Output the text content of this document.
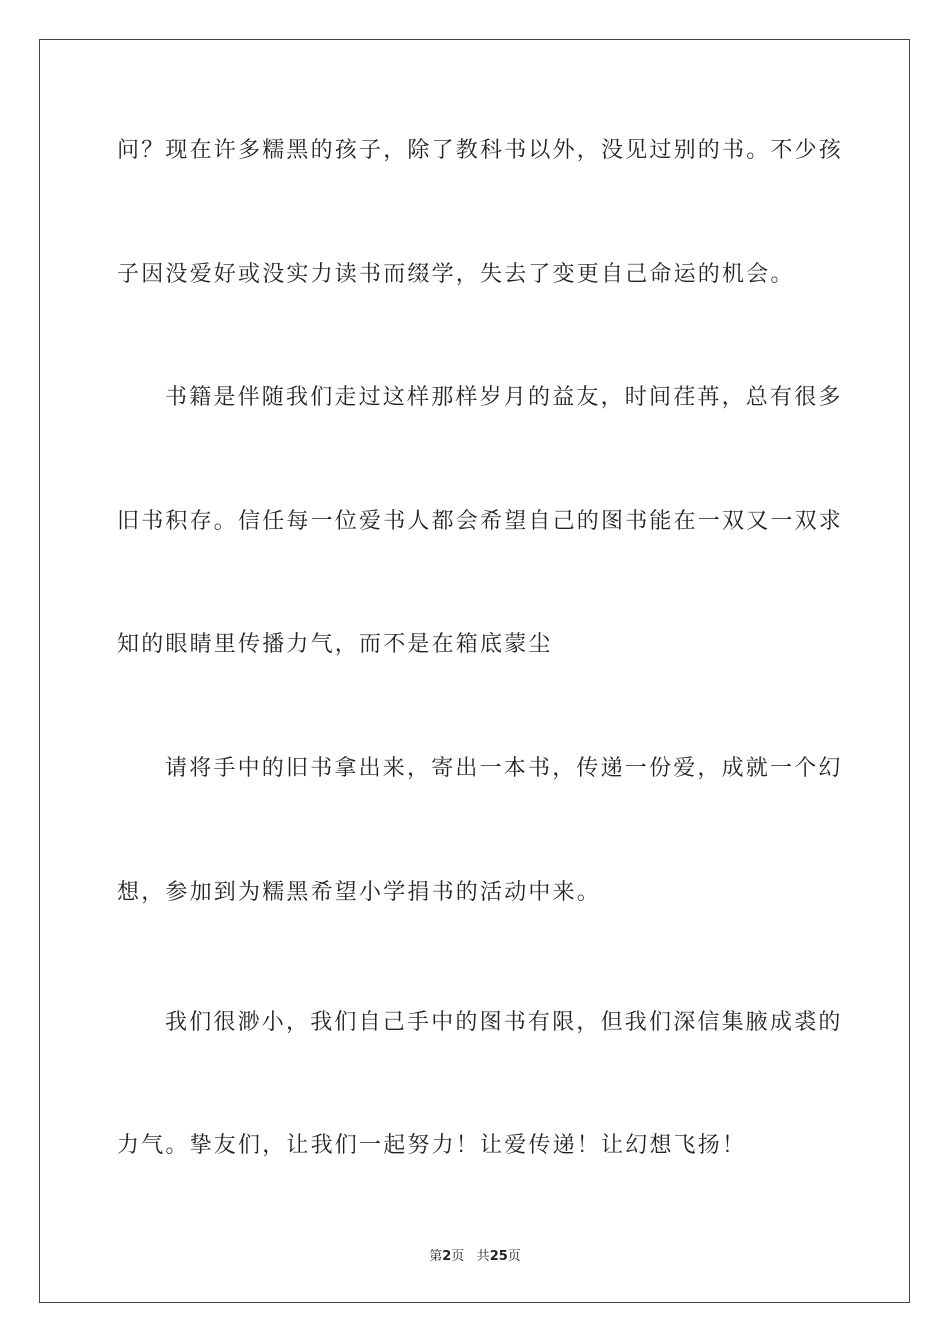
问？现在许多糯黑的孩子，除了教科书以外，没见过别的书。不少孩
子因没爱好或没实力读书而缀学，失去了变更自己命运的机会。
书籍是伴随我们走过这样那样岁月的益友，时间荏苒，总有很多
旧书积存。信任每一位爱书人都会希望自己的图书能在一双又一双求
知的眼睛里传播力气，而不是在箱底蒙尘
请将手中的旧书拿出来，寄出一本书，传递一份爱，成就一个幻
想，参加到为糯黑希望小学捐书的活动中来。
我们很渺小，我们自己手中的图书有限，但我们深信集腋成裘的
力气。挚友们，让我们一起努力！让爱传递！让幻想飞扬！
第2页 共25页
